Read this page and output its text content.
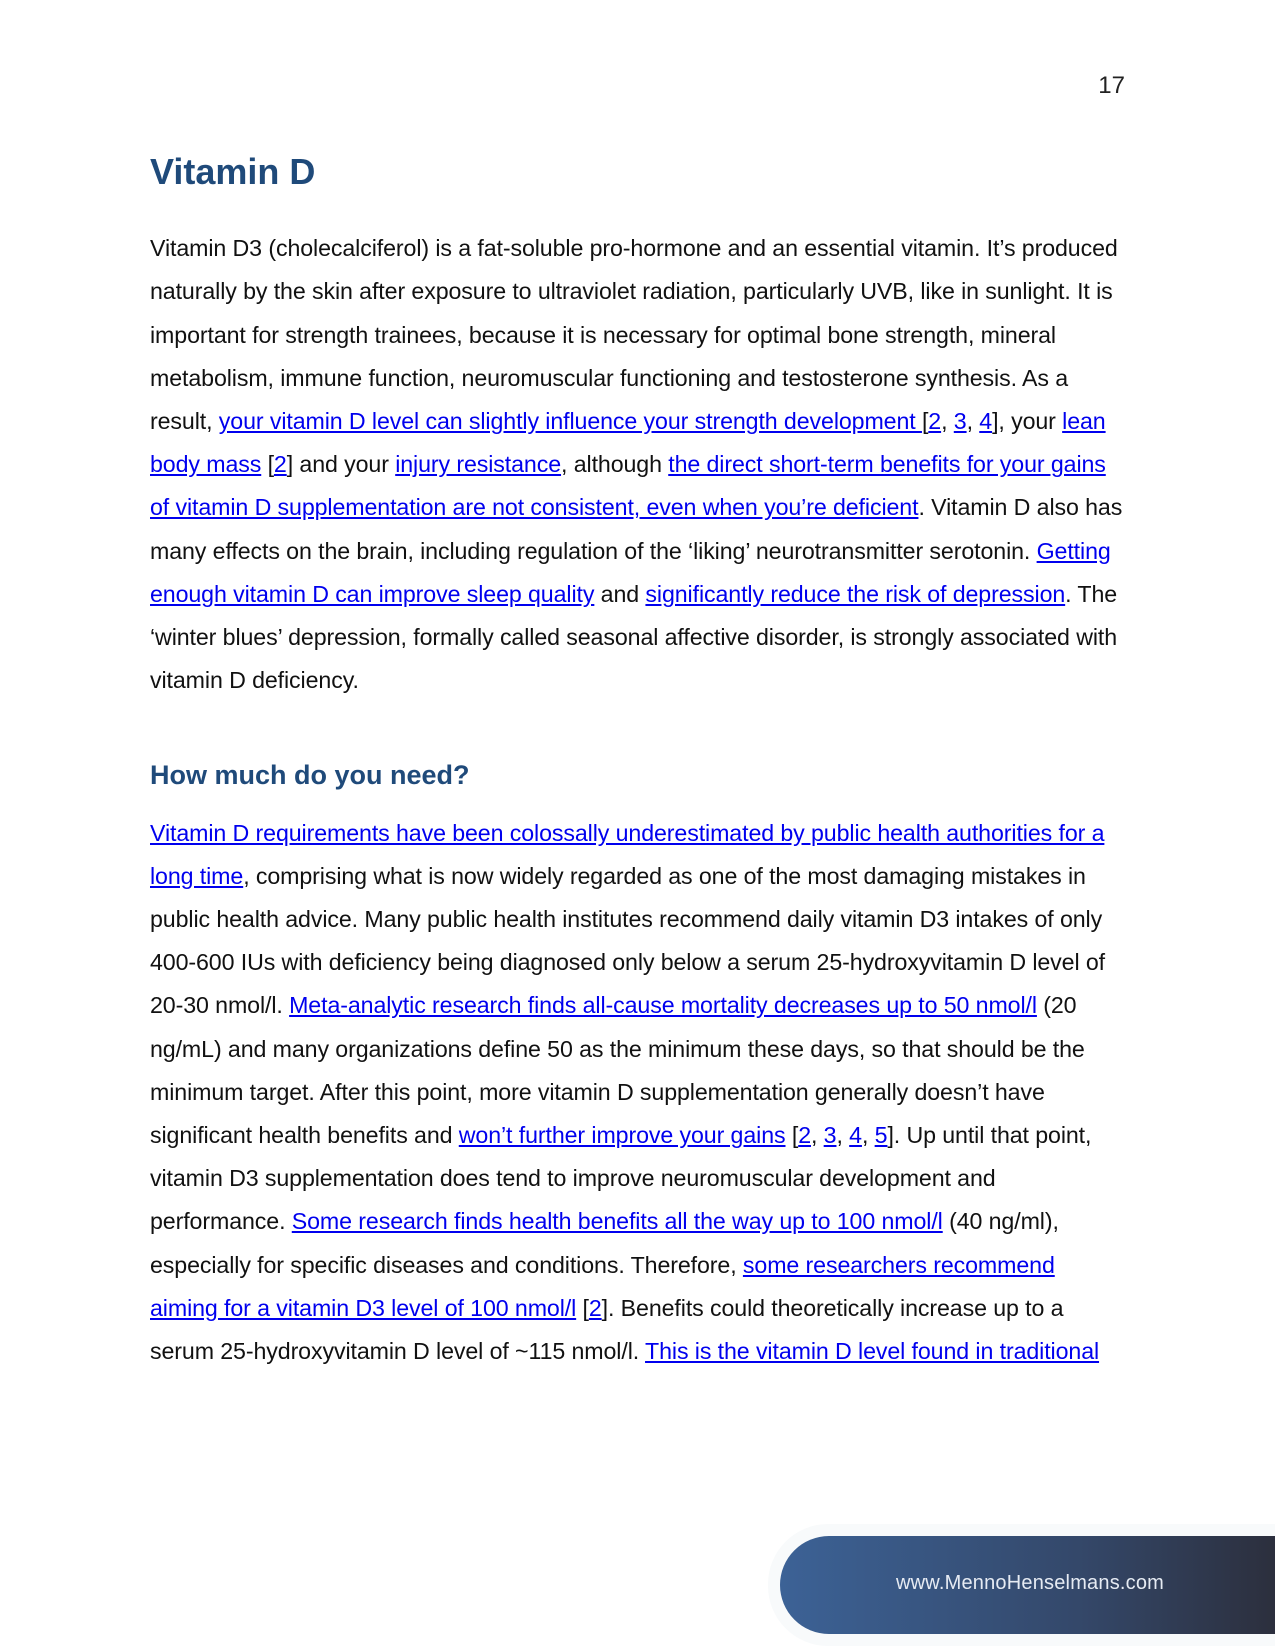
17
Vitamin D

Vitamin D3 (cholecalciferol) is a fat-soluble pro-hormone and an essential vitamin. It’s produced naturally by the skin after exposure to ultraviolet radiation, particularly UVB, like in sunlight. It is important for strength trainees, because it is necessary for optimal bone strength, mineral metabolism, immune function, neuromuscular functioning and testosterone synthesis. As a result, your vitamin D level can slightly influence your strength development [2, 3, 4], your lean body mass [2] and your injury resistance, although the direct short-term benefits for your gains of vitamin D supplementation are not consistent, even when you’re deficient. Vitamin D also has many effects on the brain, including regulation of the ‘liking’ neurotransmitter serotonin. Getting enough vitamin D can improve sleep quality and significantly reduce the risk of depression. The ‘winter blues’ depression, formally called seasonal affective disorder, is strongly associated with vitamin D deficiency.

How much do you need?

Vitamin D requirements have been colossally underestimated by public health authorities for a long time, comprising what is now widely regarded as one of the most damaging mistakes in public health advice. Many public health institutes recommend daily vitamin D3 intakes of only 400-600 IUs with deficiency being diagnosed only below a serum 25-hydroxyvitamin D level of 20-30 nmol/l. Meta-analytic research finds all-cause mortality decreases up to 50 nmol/l (20 ng/mL) and many organizations define 50 as the minimum these days, so that should be the minimum target. After this point, more vitamin D supplementation generally doesn’t have significant health benefits and won’t further improve your gains [2, 3, 4, 5]. Up until that point, vitamin D3 supplementation does tend to improve neuromuscular development and performance. Some research finds health benefits all the way up to 100 nmol/l (40 ng/ml), especially for specific diseases and conditions. Therefore, some researchers recommend aiming for a vitamin D3 level of 100 nmol/l [2]. Benefits could theoretically increase up to a serum 25-hydroxyvitamin D level of ~115 nmol/l. This is the vitamin D level found in traditional

www.MennoHenselmans.com
